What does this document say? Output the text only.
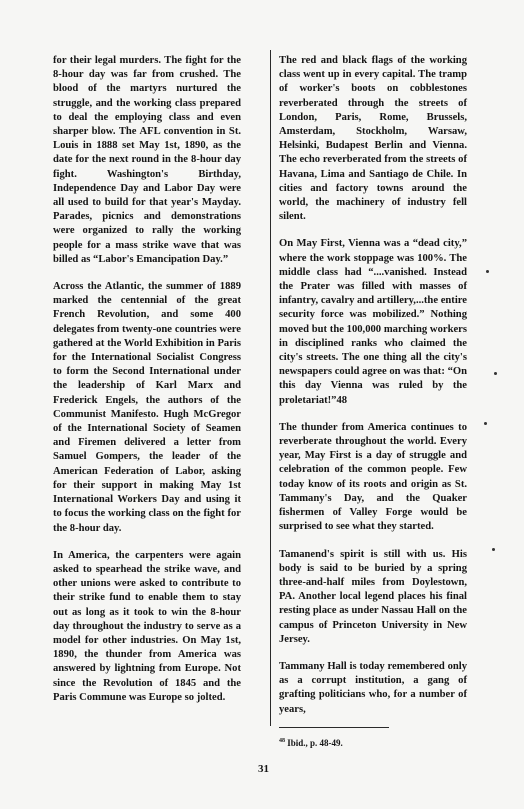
for their legal murders. The fight for the 8-hour day was far from crushed. The blood of the martyrs nurtured the struggle, and the working class prepared to deal the employing class and even sharper blow. The AFL convention in St. Louis in 1888 set May 1st, 1890, as the date for the next round in the 8-hour day fight. Washington's Birthday, Independence Day and Labor Day were all used to build for that year's Mayday. Parades, picnics and demonstrations were organized to rally the working people for a mass strike wave that was billed as “Labor's Emancipation Day.”

Across the Atlantic, the summer of 1889 marked the centennial of the great French Revolution, and some 400 delegates from twenty-one countries were gathered at the World Exhibition in Paris for the International Socialist Congress to form the Second International under the leadership of Karl Marx and Frederick Engels, the authors of the Communist Manifesto. Hugh McGregor of the International Society of Seamen and Firemen delivered a letter from Samuel Gompers, the leader of the American Federation of Labor, asking for their support in making May 1st International Workers Day and using it to focus the working class on the fight for the 8-hour day.

In America, the carpenters were again asked to spearhead the strike wave, and other unions were asked to contribute to their strike fund to enable them to stay out as long as it took to win the 8-hour day throughout the industry to serve as a model for other industries. On May 1st, 1890, the thunder from America was answered by lightning from Europe. Not since the Revolution of 1845 and the Paris Commune was Europe so jolted.

The red and black flags of the working class went up in every capital. The tramp of worker's boots on cobblestones reverberated through the streets of London, Paris, Rome, Brussels, Amsterdam, Stockholm, Warsaw, Helsinki, Budapest Berlin and Vienna. The echo reverberated from the streets of Havana, Lima and Santiago de Chile. In cities and factory towns around the world, the machinery of industry fell silent.

On May First, Vienna was a “dead city,” where the work stoppage was 100%. The middle class had “....vanished. Instead the Prater was filled with masses of infantry, cavalry and artillery,...the entire security force was mobilized.” Nothing moved but the 100,000 marching workers in disciplined ranks who claimed the city's streets. The one thing all the city's newspapers could agree on was that: “On this day Vienna was ruled by the proletariat!”48

The thunder from America continues to reverberate throughout the world. Every year, May First is a day of struggle and celebration of the common people. Few today know of its roots and origin as St. Tammany's Day, and the Quaker fishermen of Valley Forge would be surprised to see what they started.

Tamanend's spirit is still with us. His body is said to be buried by a spring three-and-half miles from Doylestown, PA. Another local legend places his final resting place as under Nassau Hall on the campus of Princeton University in New Jersey.

Tammany Hall is today remembered only as a corrupt institution, a gang of grafting politicians who, for a number of years,

$^{48}$ Ibid., p. 48-49.
31
